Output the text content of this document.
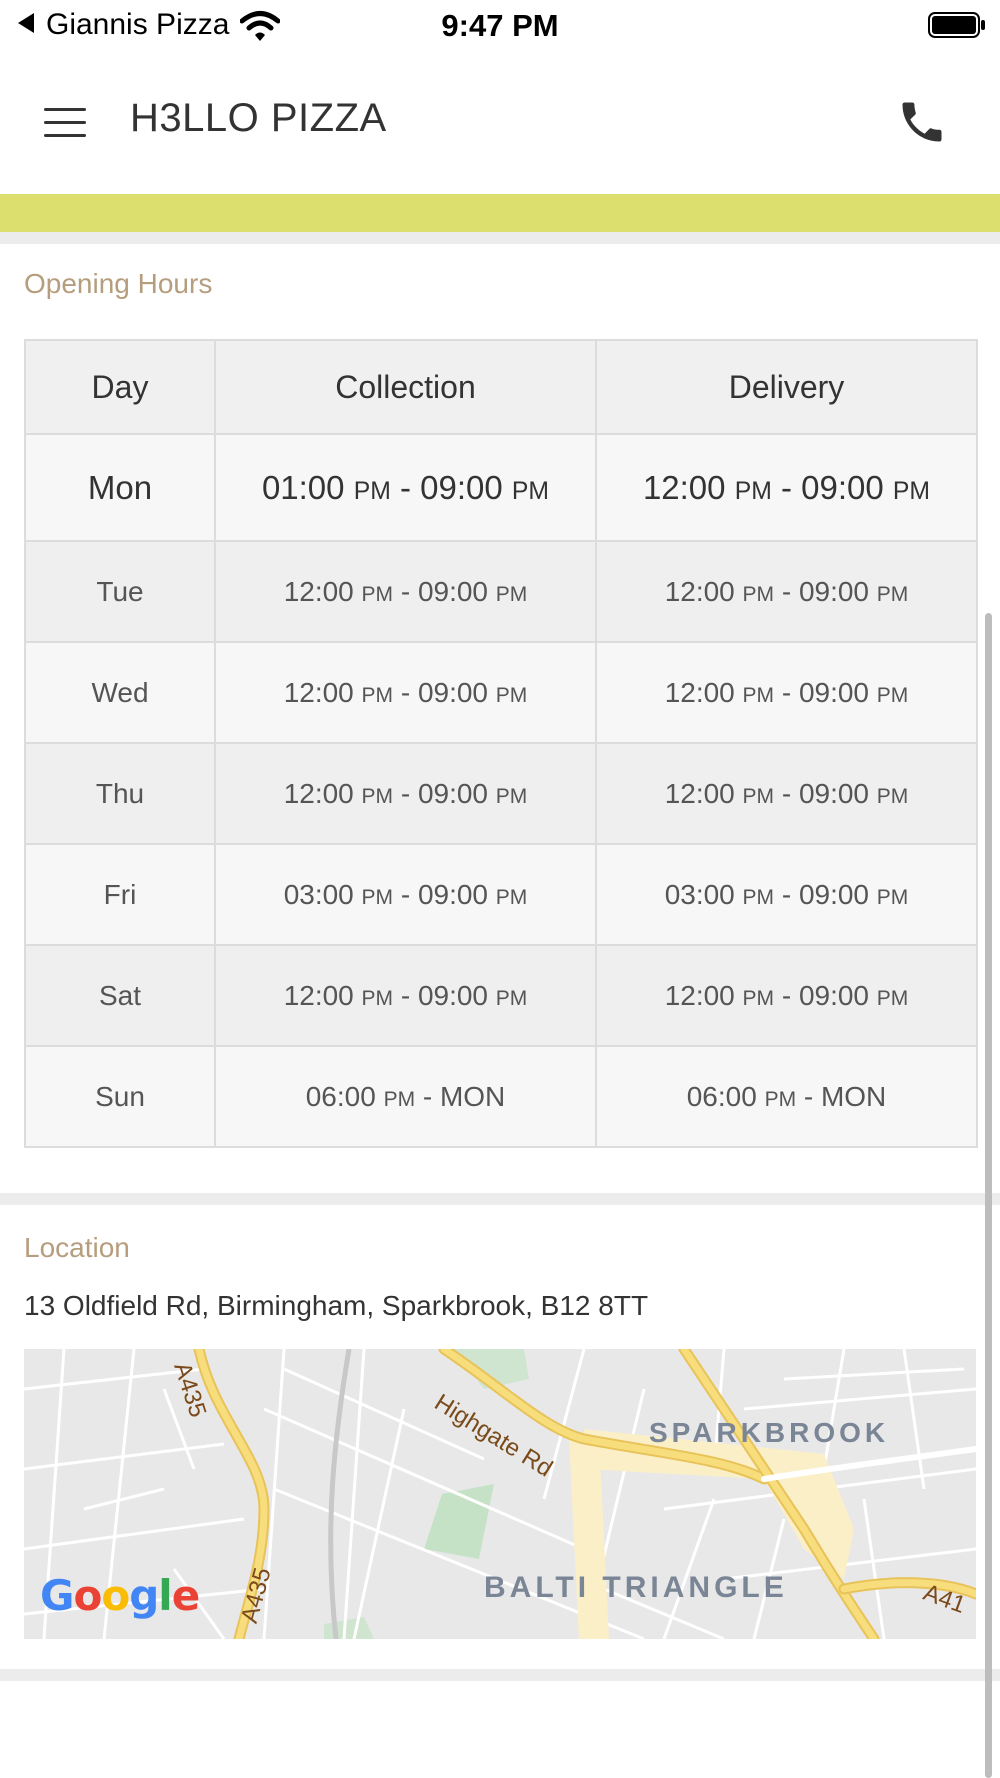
Giannis Pizza	9:47 PM
H3LLO PIZZA
Opening Hours
Day	Collection	Delivery
Mon	01:00 PM - 09:00 PM	12:00 PM - 09:00 PM
Tue	12:00 PM - 09:00 PM	12:00 PM - 09:00 PM
Wed	12:00 PM - 09:00 PM	12:00 PM - 09:00 PM
Thu	12:00 PM - 09:00 PM	12:00 PM - 09:00 PM
Fri	03:00 PM - 09:00 PM	03:00 PM - 09:00 PM
Sat	12:00 PM - 09:00 PM	12:00 PM - 09:00 PM
Sun	06:00 PM - MON	06:00 PM - MON
Location
13 Oldfield Rd, Birmingham, Sparkbrook, B12 8TT
SPARKBROOK
BALTI TRIANGLE
Highgate Rd
A435
A435	A41
Google
